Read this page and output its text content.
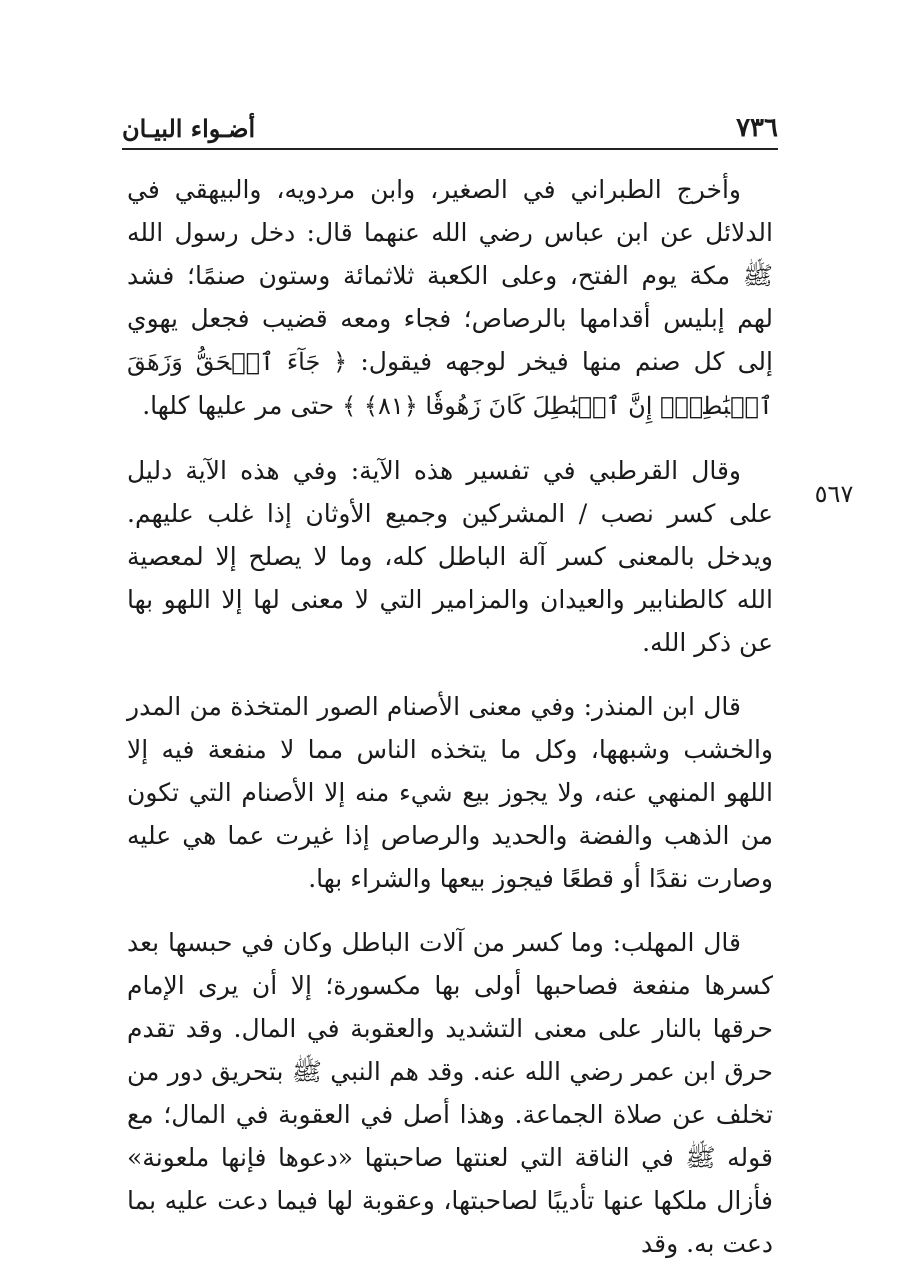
٧٣٦
أضـواء البيـان
٥٦٧

وأخرج الطبراني في الصغير، وابن مردويه، والبيهقي في الدلائل عن ابن عباس رضي الله عنهما قال: دخل رسول الله ﷺ مكة يوم الفتح، وعلى الكعبة ثلاثمائة وستون صنمًا؛ فشد لهم إبليس أقدامها بالرصاص؛ فجاء ومعه قضيب فجعل يهوي إلى كل صنم منها فيخر لوجهه فيقول: ﴿ جَآءَ ٱلۡحَقُّ وَزَهَقَ ٱلۡبَٰطِلُۚ إِنَّ ٱلۡبَٰطِلَ كَانَ زَهُوقٗا ﴿٨١﴾ ﴾ حتى مر عليها كلها.

وقال القرطبي في تفسير هذه الآية: وفي هذه الآية دليل على كسر نصب / المشركين وجميع الأوثان إذا غلب عليهم. ويدخل بالمعنى كسر آلة الباطل كله، وما لا يصلح إلا لمعصية الله كالطنابير والعيدان والمزامير التي لا معنى لها إلا اللهو بها عن ذكر الله.

قال ابن المنذر: وفي معنى الأصنام الصور المتخذة من المدر والخشب وشبهها، وكل ما يتخذه الناس مما لا منفعة فيه إلا اللهو المنهي عنه، ولا يجوز بيع شيء منه إلا الأصنام التي تكون من الذهب والفضة والحديد والرصاص إذا غيرت عما هي عليه وصارت نقدًا أو قطعًا فيجوز بيعها والشراء بها.

قال المهلب: وما كسر من آلات الباطل وكان في حبسها بعد كسرها منفعة فصاحبها أولى بها مكسورة؛ إلا أن يرى الإمام حرقها بالنار على معنى التشديد والعقوبة في المال. وقد تقدم حرق ابن عمر رضي الله عنه. وقد هم النبي ﷺ بتحريق دور من تخلف عن صلاة الجماعة. وهذا أصل في العقوبة في المال؛ مع قوله ﷺ في الناقة التي لعنتها صاحبتها «دعوها فإنها ملعونة» فأزال ملكها عنها تأديبًا لصاحبتها، وعقوبة لها فيما دعت عليه بما دعت به. وقد
